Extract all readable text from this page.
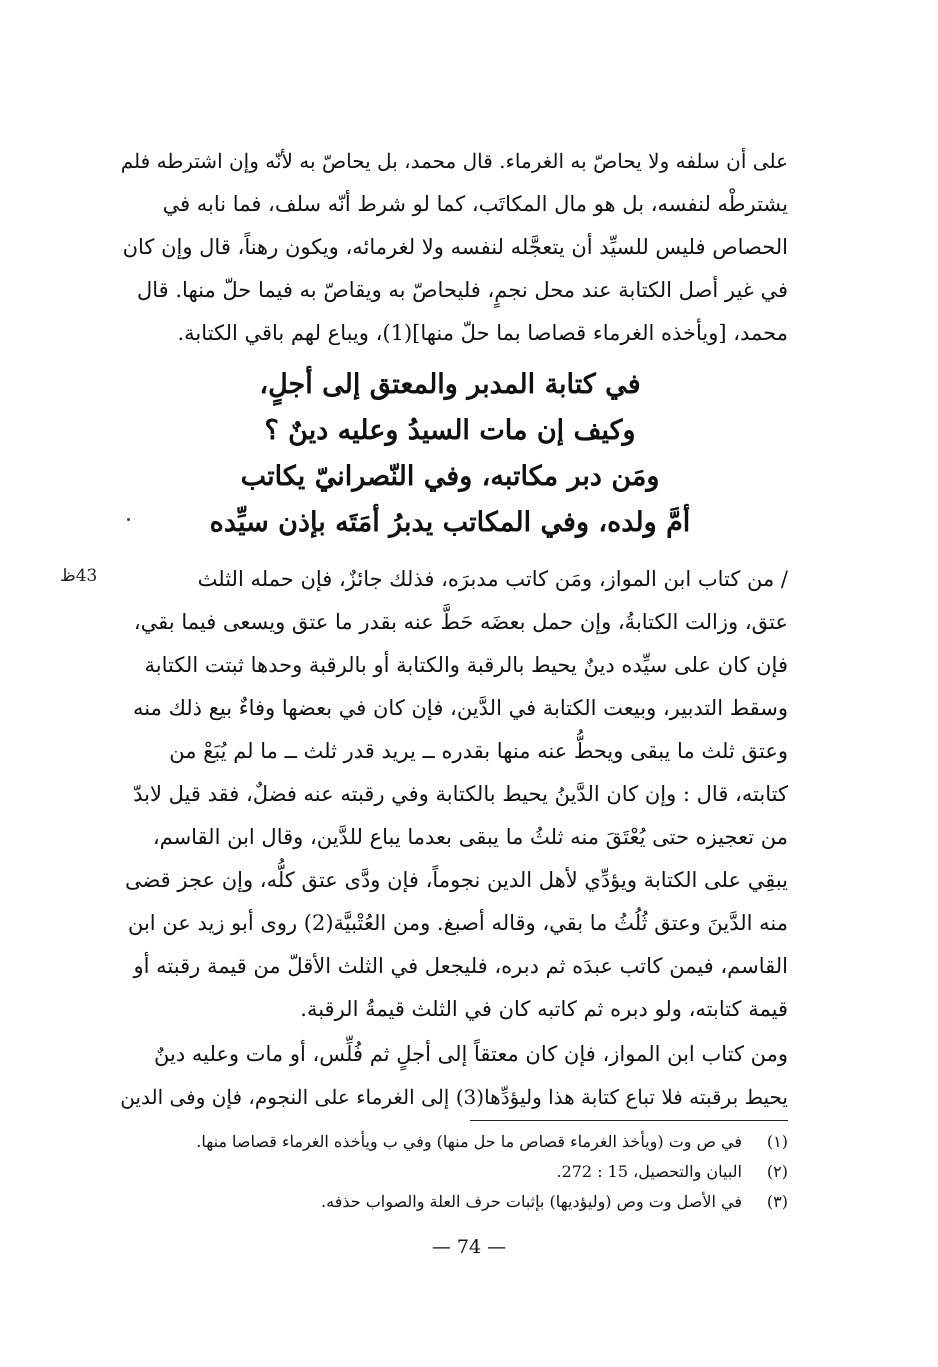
على أن سلفه ولا يحاصّ به الغرماء. قال محمد، بل يحاصّ به لأنّه وإن اشترطه فلم
يشترطْه لنفسه، بل هو مال المكاتَب، كما لو شرط أنّه سلف، فما نابه في
الحصاص فليس للسيِّد أن يتعجَّله لنفسه ولا لغرمائه، ويكون رهناً، قال وإن كان
في غير أصل الكتابة عند محل نجمٍ، فليحاصّ به ويقاصّ به فيما حلّ منها. قال
محمد، [ويأخذه الغرماء قصاصا بما حلّ منها](1)، ويباع لهم باقي الكتابة.
في كتابة المدبر والمعتق إلى أجلٍ،
وكيف إن مات السيدُ وعليه دينٌ ؟
ومَن دبر مكاتبه، وفي النّصرانيّ يكاتب
أمَّ ولده، وفي المكاتب يدبرُ أمَتَه بإذن سيِّده
43ظ	/ من كتاب ابن المواز، ومَن كاتب مدبرَه، فذلك جائزٌ، فإن حمله الثلث
عتق، وزالت الكتابةُ، وإن حمل بعضَه حَطَّ عنه بقدر ما عتق ويسعى فيما بقي،
فإن كان على سيِّده دينٌ يحيط بالرقبة والكتابة أو بالرقبة وحدها ثبتت الكتابة
وسقط التدبير، وبيعت الكتابة في الدَّين، فإن كان في بعضها وفاءٌ بيع ذلك منه
وعتق ثلث ما يبقى ويحطُّ عنه منها بقدره ــ يريد قدر ثلث ــ ما لم يُبَعْ من
كتابته، قال : وإن كان الدَّينُ يحيط بالكتابة وفي رقبته عنه فضلٌ، فقد قيل لابدّ
من تعجيزه حتى يُعْتَقَ منه ثلثُ ما يبقى بعدما يباع للدَّين، وقال ابن القاسم،
يبقِي على الكتابة ويؤدِّي لأهل الدين نجوماً، فإن ودَّى عتق كلُّه، وإن عجز قضى
منه الدَّينَ وعتق ثُلُثُ ما بقي، وقاله أصبغ. ومن العُتْبيَّة(2) روى أبو زيد عن ابن
القاسم، فيمن كاتب عبدَه ثم دبره، فليجعل في الثلث الأقلّ من قيمة رقبته أو
قيمة كتابته، ولو دبره ثم كاتبه كان في الثلث قيمةُ الرقبة.
ومن كتاب ابن المواز، فإن كان معتقاً إلى أجلٍ ثم فُلِّس، أو مات وعليه دينٌ
يحيط برقبته فلا تباع كتابة هذا وليؤدِّها(3) إلى الغرماء على النجوم، فإن وفى الدين
(١)
في ص وت (ويأخذ الغرماء قصاص ما حل منها) وفي ب ويأخذه الغرماء قصاصا منها.
(٢)
البيان والتحصيل، 15 : 272.
(٣)
في الأصل وت وص (وليؤديها) بإثبات حرف العلة والصواب حذفه.
— 74 —
